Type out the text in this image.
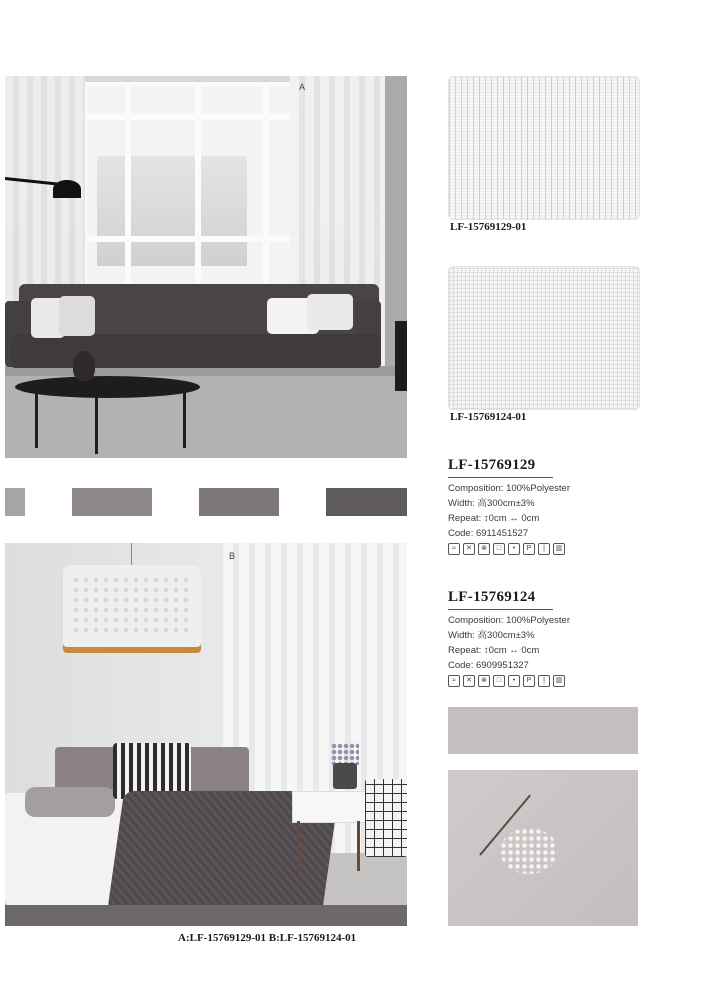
A
B
LF-15769129-01
LF-15769124-01
LF-15769129
Composition: 100%Polyester
Width: 高300cm±3%
Repeat: ↕0cm ↔ 0cm
Code: 6911451527
≈	✕	⊗	□	•	P	|	▥
LF-15769124
Composition: 100%Polyester
Width: 高300cm±3%
Repeat: ↕0cm ↔ 0cm
Code: 6909951327
≈	✕	⊗	□	•	P	|	▥
A:LF-15769129-01 B:LF-15769124-01
